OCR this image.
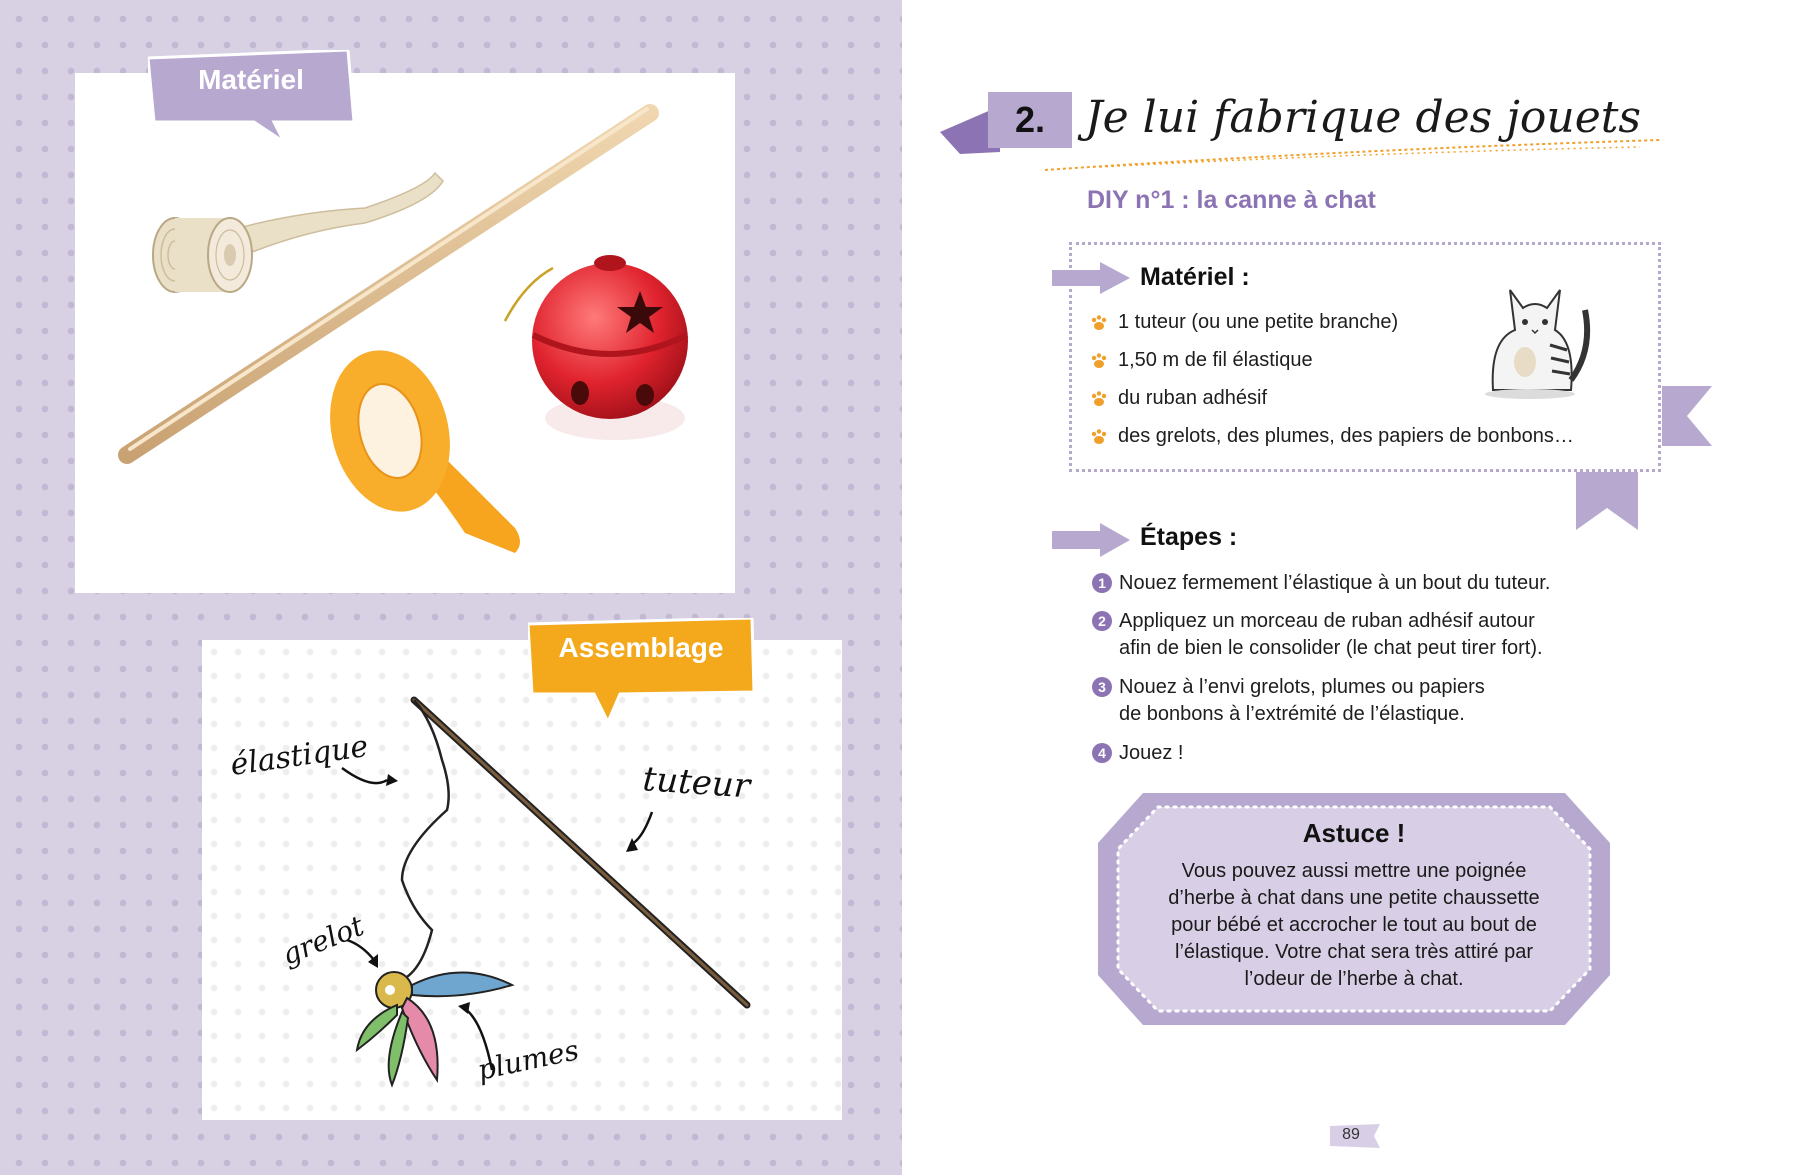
Matériel
élastique	tuteur
grelot
plumes
Assemblage
2. Je lui fabrique des jouets
DIY n°1 : la canne à chat
Matériel :
1 tuteur (ou une petite branche)
1,50 m de fil élastique
du ruban adhésif
des grelots, des plumes, des papiers de bonbons…
Étapes :
1 Nouez fermement l’élastique à un bout du tuteur.
2 Appliquez un morceau de ruban adhésif autour
afin de bien le consolider (le chat peut tirer fort).
3 Nouez à l’envi grelots, plumes ou papiers
de bonbons à l’extrémité de l’élastique.
4 Jouez !
Astuce !
Vous pouvez aussi mettre une poignée
d’herbe à chat dans une petite chaussette
pour bébé et accrocher le tout au bout de
l’élastique. Votre chat sera très attiré par
l’odeur de l’herbe à chat.
89
